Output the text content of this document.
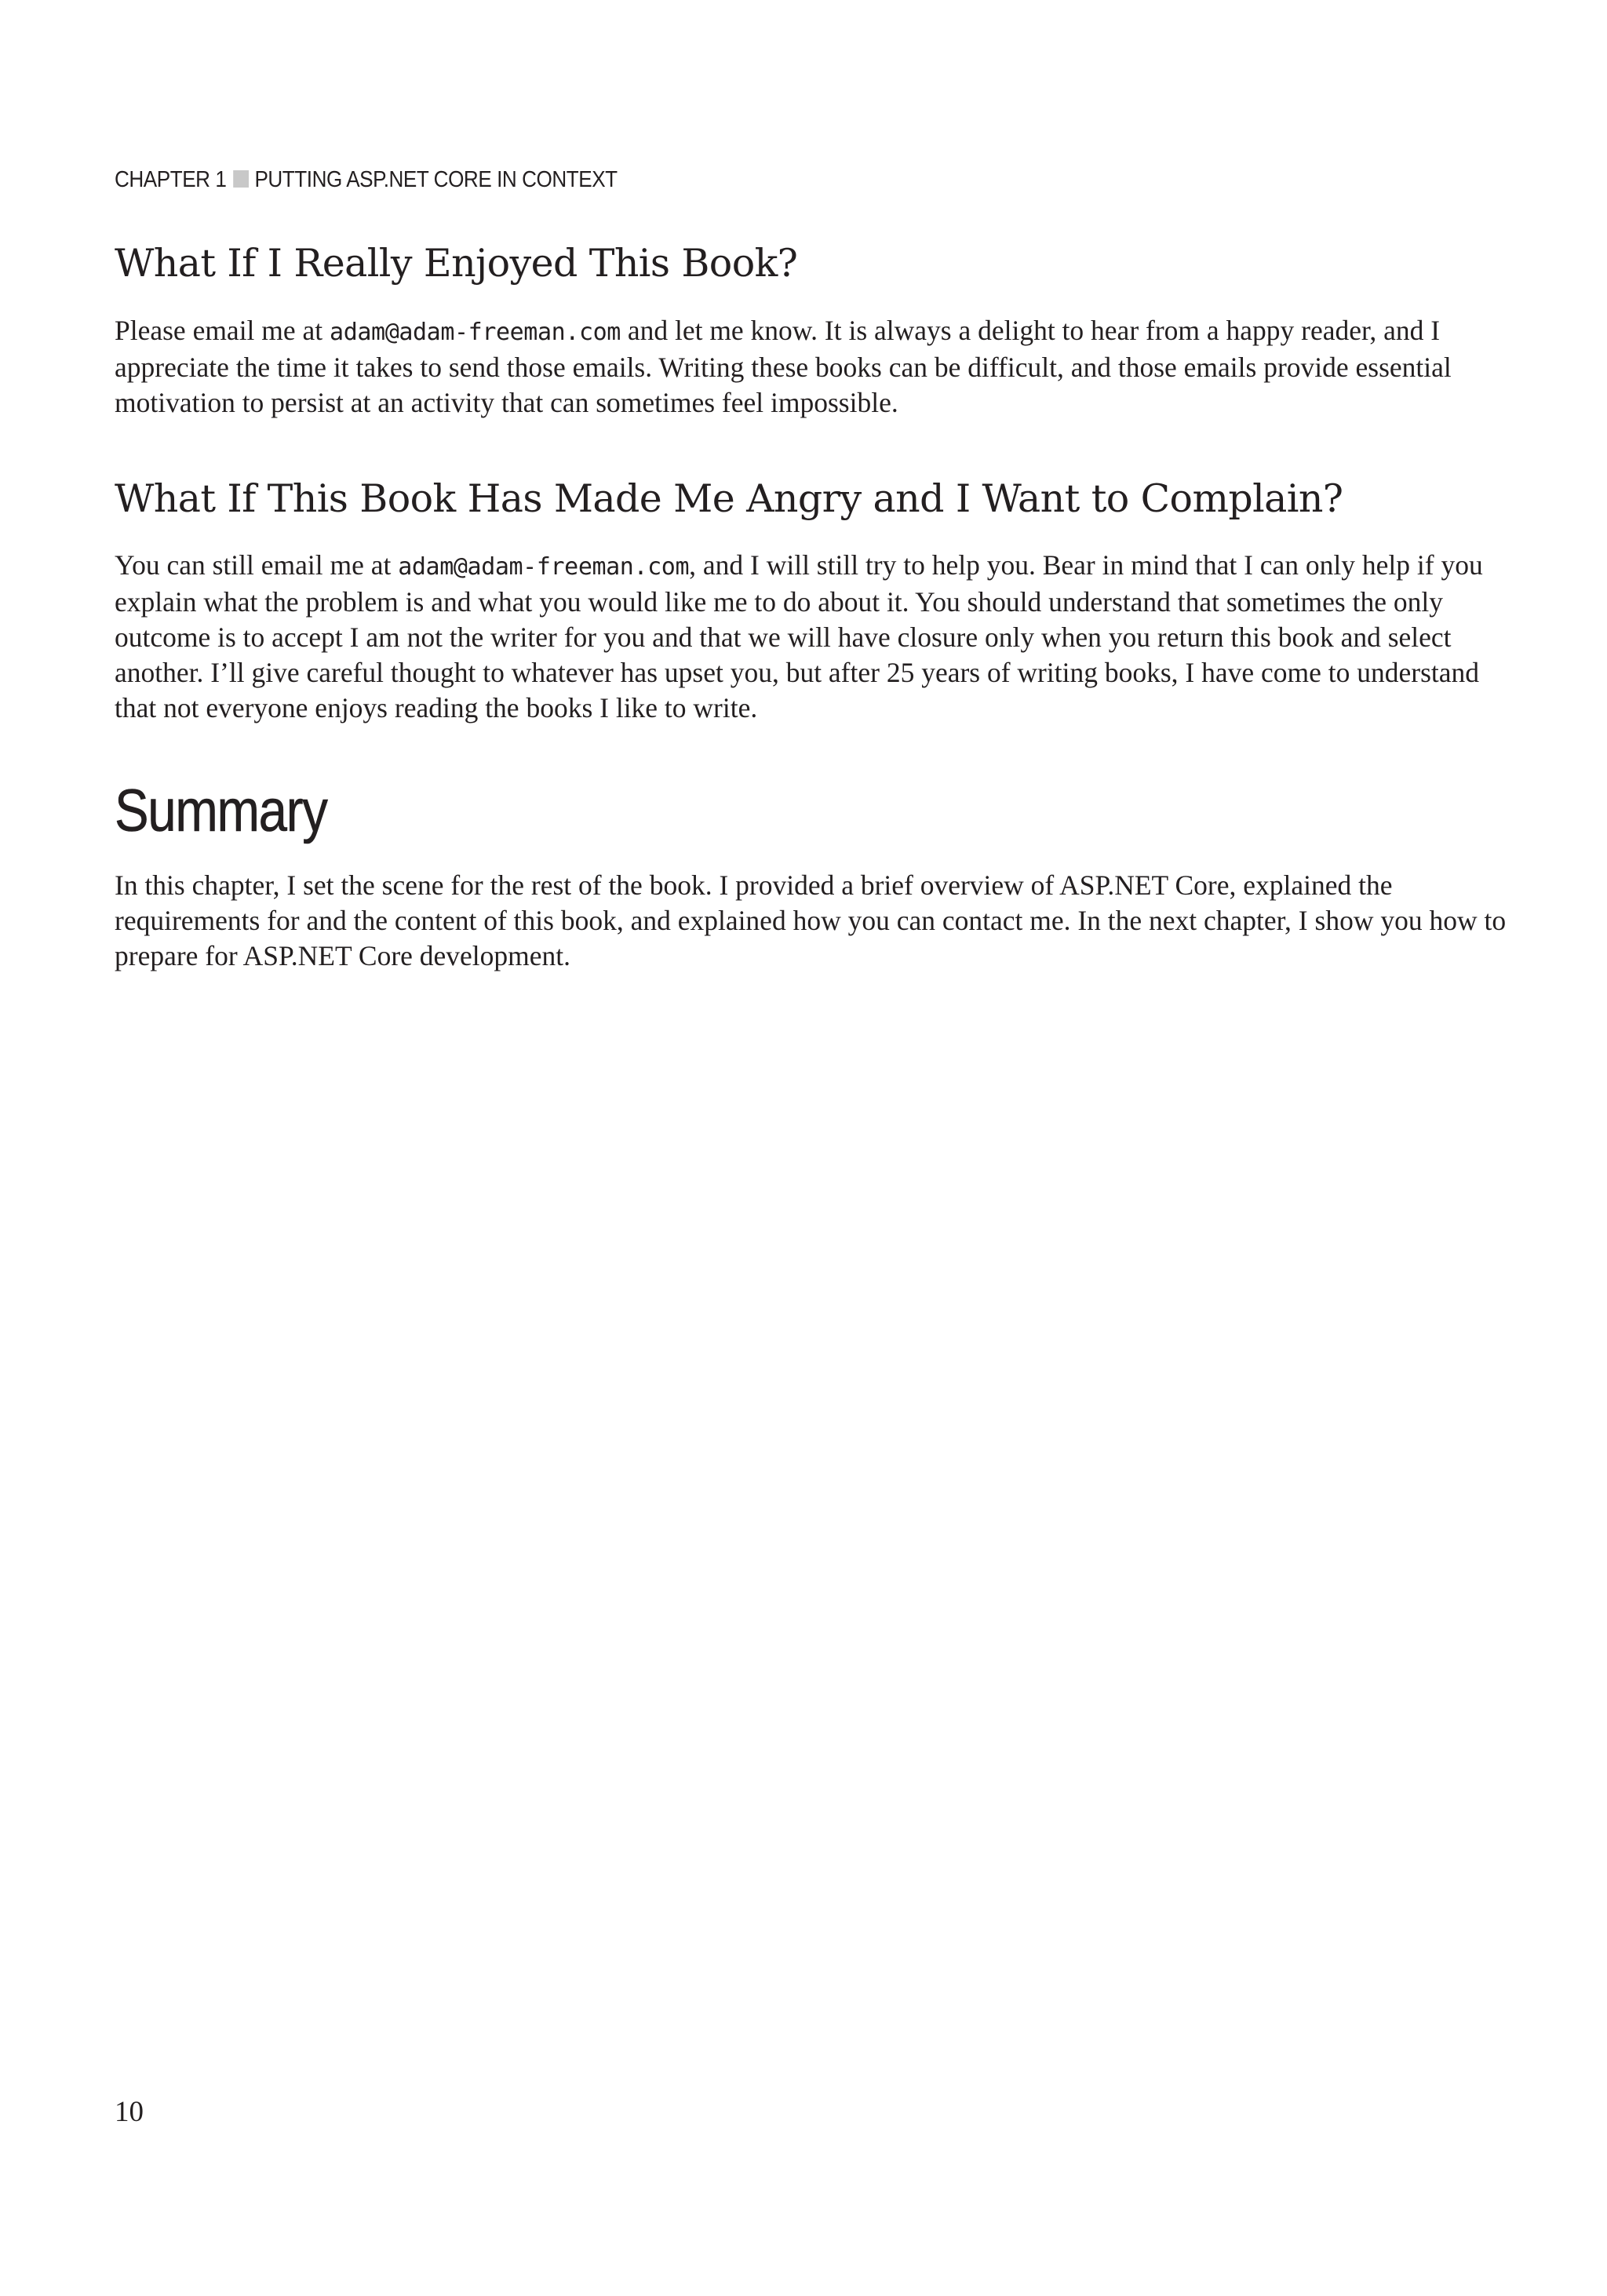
CHAPTER 1 PUTTING ASP.NET CORE IN CONTEXT
What If I Really Enjoyed This Book?

Please email me at adam@adam-freeman.com and let me know. It is always a delight to hear from a happy reader, and I appreciate the time it takes to send those emails. Writing these books can be difficult, and those emails provide essential motivation to persist at an activity that can sometimes feel impossible.

What If This Book Has Made Me Angry and I Want to Complain?

You can still email me at adam@adam-freeman.com, and I will still try to help you. Bear in mind that I can only help if you explain what the problem is and what you would like me to do about it. You should understand that sometimes the only outcome is to accept I am not the writer for you and that we will have closure only when you return this book and select another. I’ll give careful thought to whatever has upset you, but after 25 years of writing books, I have come to understand that not everyone enjoys reading the books I like to write.

Summary

In this chapter, I set the scene for the rest of the book. I provided a brief overview of ASP.NET Core, explained the requirements for and the content of this book, and explained how you can contact me. In the next chapter, I show you how to prepare for ASP.NET Core development.

10
